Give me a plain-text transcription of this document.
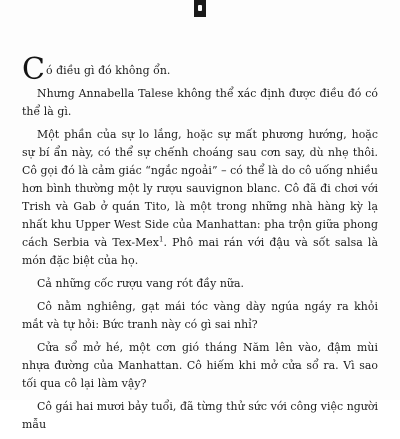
Có điều gì đó không ổn.

Nhưng Annabella Talese không thể xác định được điều đó có thể là gì.

Một phần của sự lo lắng, hoặc sự mất phương hướng, hoặc sự bí ẩn này, có thể sự chếnh choáng sau cơn say, dù nhẹ thôi. Cô gọi đó là cảm giác “ngắc ngoải” – có thể là do cô uống nhiều hơn bình thường một ly rượu sauvignon blanc. Cô đã đi chơi với Trish và Gab ở quán Tito, là một trong những nhà hàng kỳ lạ nhất khu Upper West Side của Manhattan: pha trộn giữa phong cách Serbia và Tex-Mex$^1$. Phô mai rán với đậu và sốt salsa là món đặc biệt của họ.

Cả những cốc rượu vang rót đầy nữa.

Cô nằm nghiêng, gạt mái tóc vàng dày ngúa ngáy ra khỏi mắt và tự hỏi: Bức tranh này có gì sai nhỉ?

Cửa sổ mở hé, một cơn gió tháng Năm lên vào, đậm mùi nhựa đường của Manhattan. Cô hiếm khi mở cửa sổ ra. Vì sao tối qua cô lại làm vậy?

Cô gái hai mươi bảy tuổi, đã từng thử sức với công việc người mẫu
